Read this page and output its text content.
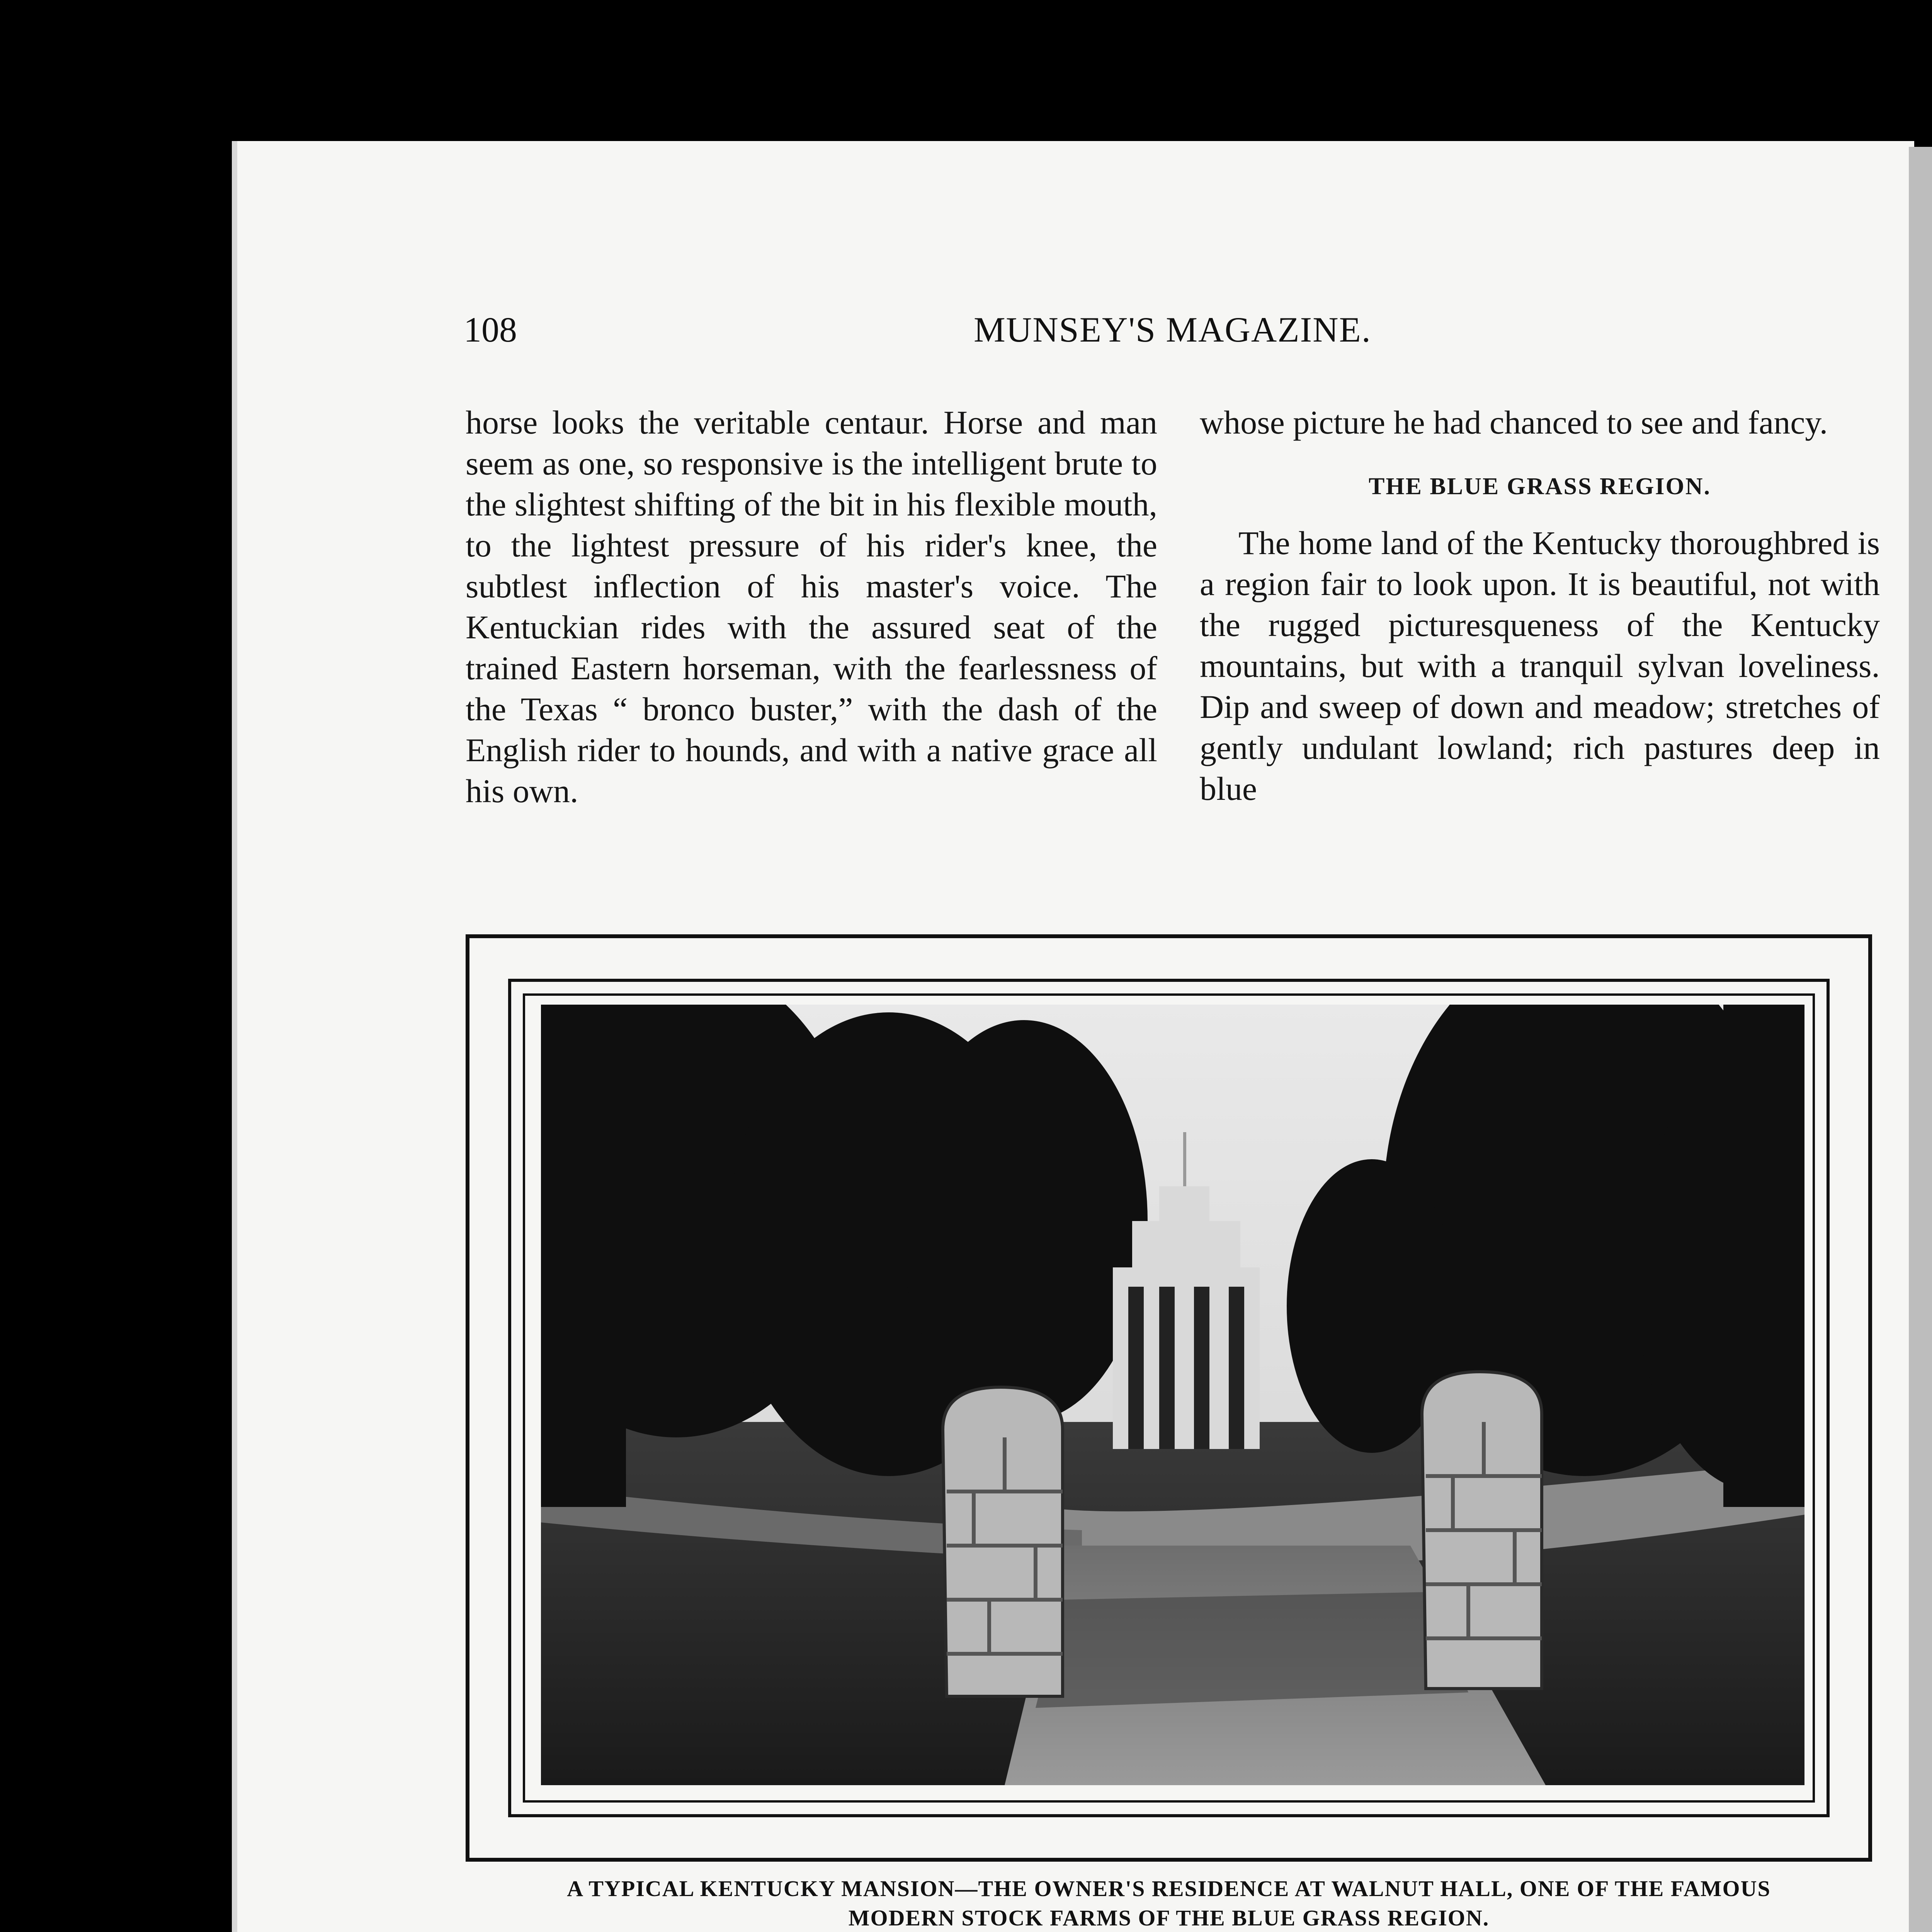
108	MUNSEY'S MAGAZINE.

horse looks the veritable centaur. Horse and man seem as one, so responsive is the intelligent brute to the slightest shifting of the bit in his flexible mouth, to the lightest pressure of his rider's knee, the subtlest inflection of his master's voice. The Kentuckian rides with the assured seat of the trained Eastern horseman, with the fearlessness of the Texas “ bronco buster,” with the dash of the English rider to hounds, and with a native grace all his own.

whose picture he had chanced to see and fancy.

THE BLUE GRASS REGION.

The home land of the Kentucky thoroughbred is a region fair to look upon. It is beautiful, not with the rugged picturesqueness of the Kentucky mountains, but with a tranquil sylvan loveliness. Dip and sweep of down and meadow; stretches of gently undulant lowland; rich pastures deep in blue

A TYPICAL KENTUCKY MANSION—THE OWNER'S RESIDENCE AT WALNUT HALL, ONE OF THE FAMOUS
MODERN STOCK FARMS OF THE BLUE GRASS REGION.
